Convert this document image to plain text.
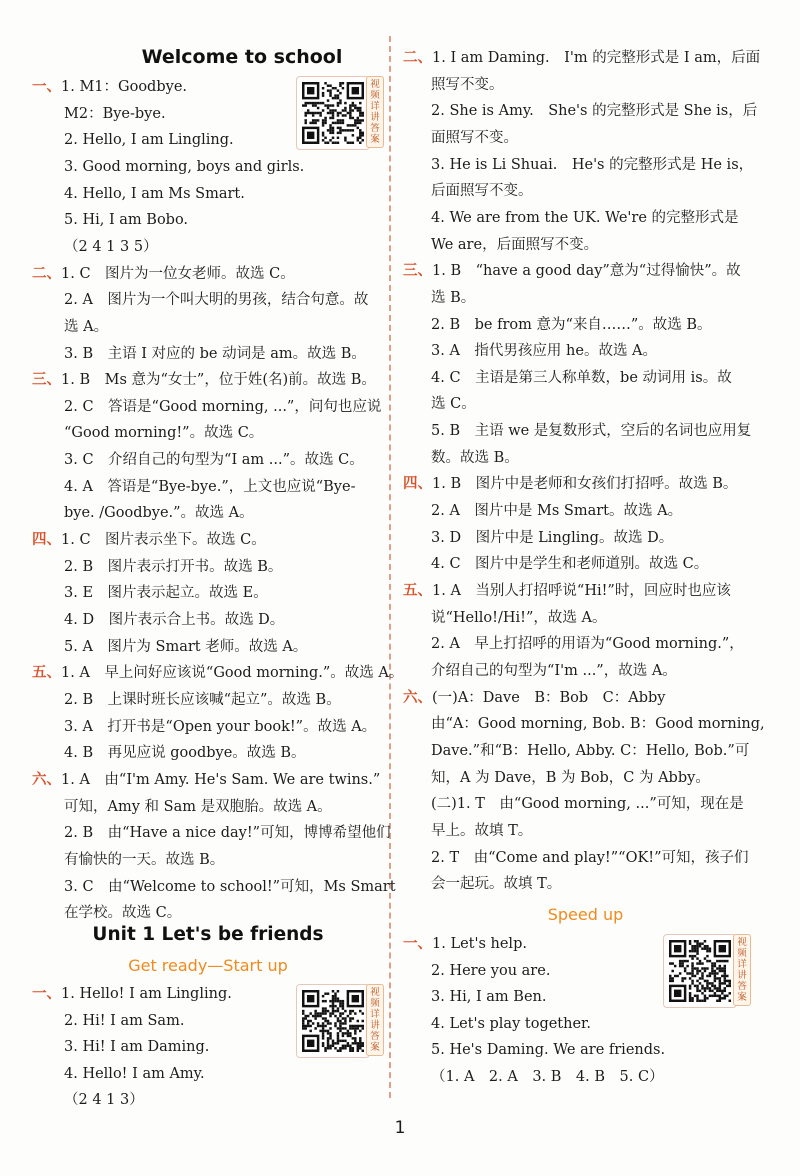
Welcome to school
一、1. M1：Goodbye.
M2：Bye-bye.
2. Hello, I am Lingling.
3. Good morning, boys and girls.
4. Hello, I am Ms Smart.
5. Hi, I am Bobo.
（2 4 1 3 5）
二、1. C　图片为一位女老师。故选 C。
2. A　图片为一个叫大明的男孩，结合句意。故
选 A。
3. B　主语 I 对应的 be 动词是 am。故选 B。
三、1. B　Ms 意为“女士”，位于姓(名)前。故选 B。
2. C　答语是“Good morning, ...”，问句也应说
“Good morning!”。故选 C。
3. C　介绍自己的句型为“I am ...”。故选 C。
4. A　答语是“Bye-bye.”，上文也应说“Bye-
bye. /Goodbye.”。故选 A。
四、1. C　图片表示坐下。故选 C。
2. B　图片表示打开书。故选 B。
3. E　图片表示起立。故选 E。
4. D　图片表示合上书。故选 D。
5. A　图片为 Smart 老师。故选 A。
五、1. A　早上问好应该说“Good morning.”。故选 A。
2. B　上课时班长应该喊“起立”。故选 B。
3. A　打开书是“Open your book!”。故选 A。
4. B　再见应说 goodbye。故选 B。
六、1. A　由“I'm Amy. He's Sam. We are twins.”
可知，Amy 和 Sam 是双胞胎。故选 A。
2. B　由“Have a nice day!”可知，博博希望他们
有愉快的一天。故选 B。
3. C　由“Welcome to school!”可知，Ms Smart
在学校。故选 C。
Unit 1 Let's be friends
Get ready—Start up
一、1. Hello! I am Lingling.
2. Hi! I am Sam.
3. Hi! I am Daming.
4. Hello! I am Amy.
（2 4 1 3）
视频详讲答案
视频详讲答案
二、1. I am Daming.　I'm 的完整形式是 I am，后面
照写不变。
2. She is Amy.　She's 的完整形式是 She is，后
面照写不变。
3. He is Li Shuai.　He's 的完整形式是 He is，
后面照写不变。
4. We are from the UK. We're 的完整形式是
We are，后面照写不变。
三、1. B　“have a good day”意为“过得愉快”。故
选 B。
2. B　be from 意为“来自……”。故选 B。
3. A　指代男孩应用 he。故选 A。
4. C　主语是第三人称单数，be 动词用 is。故
选 C。
5. B　主语 we 是复数形式，空后的名词也应用复
数。故选 B。
四、1. B　图片中是老师和女孩们打招呼。故选 B。
2. A　图片中是 Ms Smart。故选 A。
3. D　图片中是 Lingling。故选 D。
4. C　图片中是学生和老师道别。故选 C。
五、1. A　当别人打招呼说“Hi!”时，回应时也应该
说“Hello!/Hi!”，故选 A。
2. A　早上打招呼的用语为“Good morning.”，
介绍自己的句型为“I'm ...”，故选 A。
六、(一)A：Dave　B：Bob　C：Abby
由“A：Good morning, Bob. B：Good morning,
Dave.”和“B：Hello, Abby. C：Hello, Bob.”可
知，A 为 Dave，B 为 Bob，C 为 Abby。
(二)1. T　由“Good morning, ...”可知，现在是
早上。故填 T。
2. T　由“Come and play!”“OK!”可知，孩子们
会一起玩。故填 T。
Speed up
一、1. Let's help.
2. Here you are.
3. Hi, I am Ben.
4. Let's play together.
5. He's Daming. We are friends.
（1. A　2. A　3. B　4. B　5. C）
视频详讲答案
1
